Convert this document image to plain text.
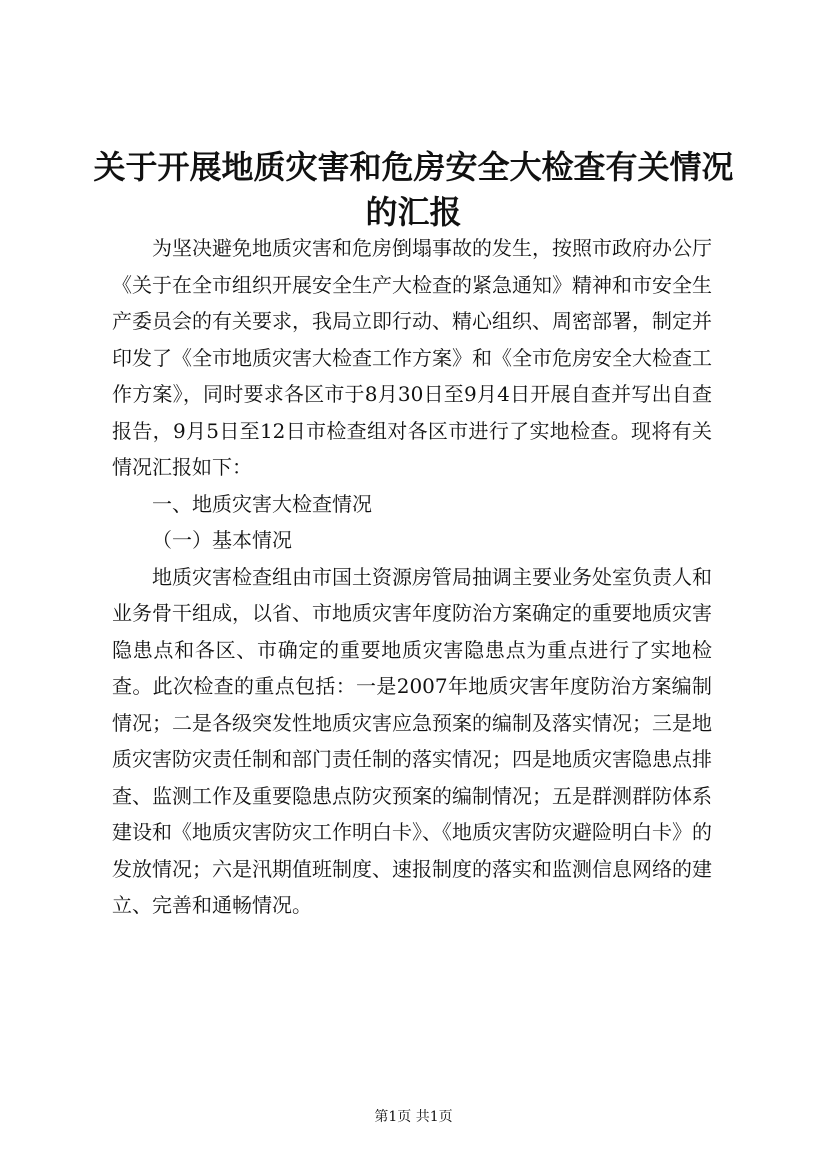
关于开展地质灾害和危房安全大检查有关情况
的汇报

为坚决避免地质灾害和危房倒塌事故的发生，按照市政府办公厅《关于在全市组织开展安全生产大检查的紧急通知》精神和市安全生产委员会的有关要求，我局立即行动、精心组织、周密部署，制定并印发了《全市地质灾害大检查工作方案》和《全市危房安全大检查工作方案》，同时要求各区市于8月30日至9月4日开展自查并写出自查报告，9月5日至12日市检查组对各区市进行了实地检查。现将有关情况汇报如下：

一、地质灾害大检查情况

（一）基本情况

地质灾害检查组由市国土资源房管局抽调主要业务处室负责人和业务骨干组成，以省、市地质灾害年度防治方案确定的重要地质灾害隐患点和各区、市确定的重要地质灾害隐患点为重点进行了实地检查。此次检查的重点包括：一是2007年地质灾害年度防治方案编制情况；二是各级突发性地质灾害应急预案的编制及落实情况；三是地质灾害防灾责任制和部门责任制的落实情况；四是地质灾害隐患点排查、监测工作及重要隐患点防灾预案的编制情况；五是群测群防体系建设和《地质灾害防灾工作明白卡》、《地质灾害防灾避险明白卡》的发放情况；六是汛期值班制度、速报制度的落实和监测信息网络的建立、完善和通畅情况。

第1页 共1页
